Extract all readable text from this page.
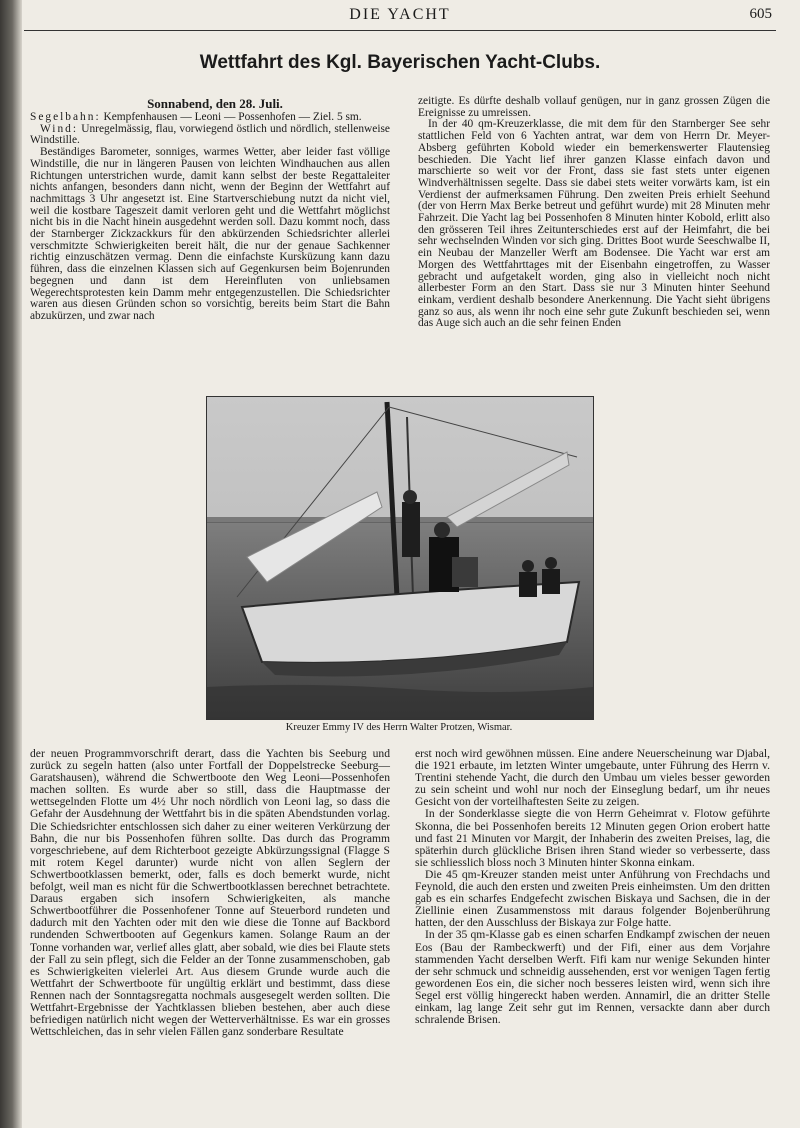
DIE YACHT	605
Wettfahrt des Kgl. Bayerischen Yacht-Clubs.

Sonnabend, den 28. Juli.

Segelbahn: Kempfenhausen — Leoni — Possenhofen — Ziel. 5 sm.

Wind: Unregelmässig, flau, vorwiegend östlich und nördlich, stellenweise Windstille.

Beständiges Barometer, sonniges, warmes Wetter, aber leider fast völlige Windstille, die nur in längeren Pausen von leichten Windhauchen aus allen Richtungen unterstrichen wurde, damit kann selbst der beste Regattaleiter nichts anfangen, besonders dann nicht, wenn der Beginn der Wettfahrt auf nachmittags 3 Uhr angesetzt ist. Eine Startverschiebung nutzt da nicht viel, weil die kostbare Tageszeit damit verloren geht und die Wettfahrt möglichst nicht bis in die Nacht hinein ausgedehnt werden soll. Dazu kommt noch, dass der Starnberger Zickzackkurs für den abkürzenden Schiedsrichter allerlei verschmitzte Schwierigkeiten bereit hält, die nur der genaue Sachkenner richtig einzuschätzen vermag. Denn die einfachste Kursküzung kann dazu führen, dass die einzelnen Klassen sich auf Gegenkursen beim Bojenrunden begegnen und dann ist dem Hereinfluten von unliebsamen Wegerechtsprotesten kein Damm mehr entgegenzustellen. Die Schiedsrichter waren aus diesen Gründen schon so vorsichtig, bereits beim Start die Bahn abzukürzen, und zwar nach

zeitigte. Es dürfte deshalb vollauf genügen, nur in ganz grossen Zügen die Ereignisse zu umreissen.

In der 40 qm-Kreuzerklasse, die mit dem für den Starnberger See sehr stattlichen Feld von 6 Yachten antrat, war dem von Herrn Dr. Meyer-Absberg geführten Kobold wieder ein bemerkenswerter Flautensieg beschieden. Die Yacht lief ihrer ganzen Klasse einfach davon und marschierte so weit vor der Front, dass sie fast stets unter eigenen Windverhältnissen segelte. Dass sie dabei stets weiter vorwärts kam, ist ein Verdienst der aufmerksamen Führung. Den zweiten Preis erhielt Seehund (der von Herrn Max Berke betreut und geführt wurde) mit 28 Minuten mehr Fahrzeit. Die Yacht lag bei Possenhofen 8 Minuten hinter Kobold, erlitt also den grösseren Teil ihres Zeitunterschiedes erst auf der Heimfahrt, die bei sehr wechselnden Winden vor sich ging. Drittes Boot wurde Seeschwalbe II, ein Neubau der Manzeller Werft am Bodensee. Die Yacht war erst am Morgen des Wettfahrttages mit der Eisenbahn eingetroffen, zu Wasser gebracht und aufgetakelt worden, ging also in vielleicht noch nicht allerbester Form an den Start. Dass sie nur 3 Minuten hinter Seehund einkam, verdient deshalb besondere Anerkennung. Die Yacht sieht übrigens ganz so aus, als wenn ihr noch eine sehr gute Zukunft beschieden sei, wenn das Auge sich auch an die sehr feinen Enden

Kreuzer Emmy IV des Herrn Walter Protzen, Wismar.

der neuen Programmvorschrift derart, dass die Yachten bis Seeburg und zurück zu segeln hatten (also unter Fortfall der Doppelstrecke Seeburg—Garatshausen), während die Schwertboote den Weg Leoni—Possenhofen machen sollten. Es wurde aber so still, dass die Hauptmasse der wettsegelnden Flotte um 4½ Uhr noch nördlich von Leoni lag, so dass die Gefahr der Ausdehnung der Wettfahrt bis in die späten Abendstunden vorlag. Die Schiedsrichter entschlossen sich daher zu einer weiteren Verkürzung der Bahn, die nur bis Possenhofen führen sollte. Das durch das Programm vorgeschriebene, auf dem Richterboot gezeigte Abkürzungssignal (Flagge S mit rotem Kegel darunter) wurde nicht von allen Seglern der Schwertbootklassen bemerkt, oder, falls es doch bemerkt wurde, nicht befolgt, weil man es nicht für die Schwertbootklassen berechnet betrachtete. Daraus ergaben sich insofern Schwierigkeiten, als manche Schwertbootführer die Possenhofener Tonne auf Steuerbord rundeten und dadurch mit den Yachten oder mit den wie diese die Tonne auf Backbord rundenden Schwertbooten auf Gegenkurs kamen. Solange Raum an der Tonne vorhanden war, verlief alles glatt, aber sobald, wie dies bei Flaute stets der Fall zu sein pflegt, sich die Felder an der Tonne zusammenschoben, gab es Schwierigkeiten vielerlei Art. Aus diesem Grunde wurde auch die Wettfahrt der Schwertboote für ungültig erklärt und bestimmt, dass diese Rennen nach der Sonntagsregatta nochmals ausgesegelt werden sollten. Die Wettfahrt-Ergebnisse der Yachtklassen blieben bestehen, aber auch diese befriedigen natürlich nicht wegen der Wetterverhältnisse. Es war ein grosses Wettschleichen, das in sehr vielen Fällen ganz sonderbare Resultate

erst noch wird gewöhnen müssen. Eine andere Neuerscheinung war Djabal, die 1921 erbaute, im letzten Winter umgebaute, unter Führung des Herrn v. Trentini stehende Yacht, die durch den Umbau um vieles besser geworden zu sein scheint und wohl nur noch der Einseglung bedarf, um ihr neues Gesicht von der vorteilhaftesten Seite zu zeigen.

In der Sonderklasse siegte die von Herrn Geheimrat v. Flotow geführte Skonna, die bei Possenhofen bereits 12 Minuten gegen Orion erobert hatte und fast 21 Minuten vor Margit, der Inhaberin des zweiten Preises, lag, die späterhin durch glückliche Brisen ihren Stand wieder so verbesserte, dass sie schliesslich bloss noch 3 Minuten hinter Skonna einkam.

Die 45 qm-Kreuzer standen meist unter Anführung von Frechdachs und Feynold, die auch den ersten und zweiten Preis einheimsten. Um den dritten gab es ein scharfes Endgefecht zwischen Biskaya und Sachsen, die in der Ziellinie einen Zusammenstoss mit daraus folgender Bojenberührung hatten, der den Ausschluss der Biskaya zur Folge hatte.

In der 35 qm-Klasse gab es einen scharfen Endkampf zwischen der neuen Eos (Bau der Rambeckwerft) und der Fifi, einer aus dem Vorjahre stammenden Yacht derselben Werft. Fifi kam nur wenige Sekunden hinter der sehr schmuck und schneidig aussehenden, erst vor wenigen Tagen fertig gewordenen Eos ein, die sicher noch besseres leisten wird, wenn sich ihre Segel erst völlig hingereckt haben werden. Annamirl, die an dritter Stelle einkam, lag lange Zeit sehr gut im Rennen, versackte dann aber durch schralende Brisen.
